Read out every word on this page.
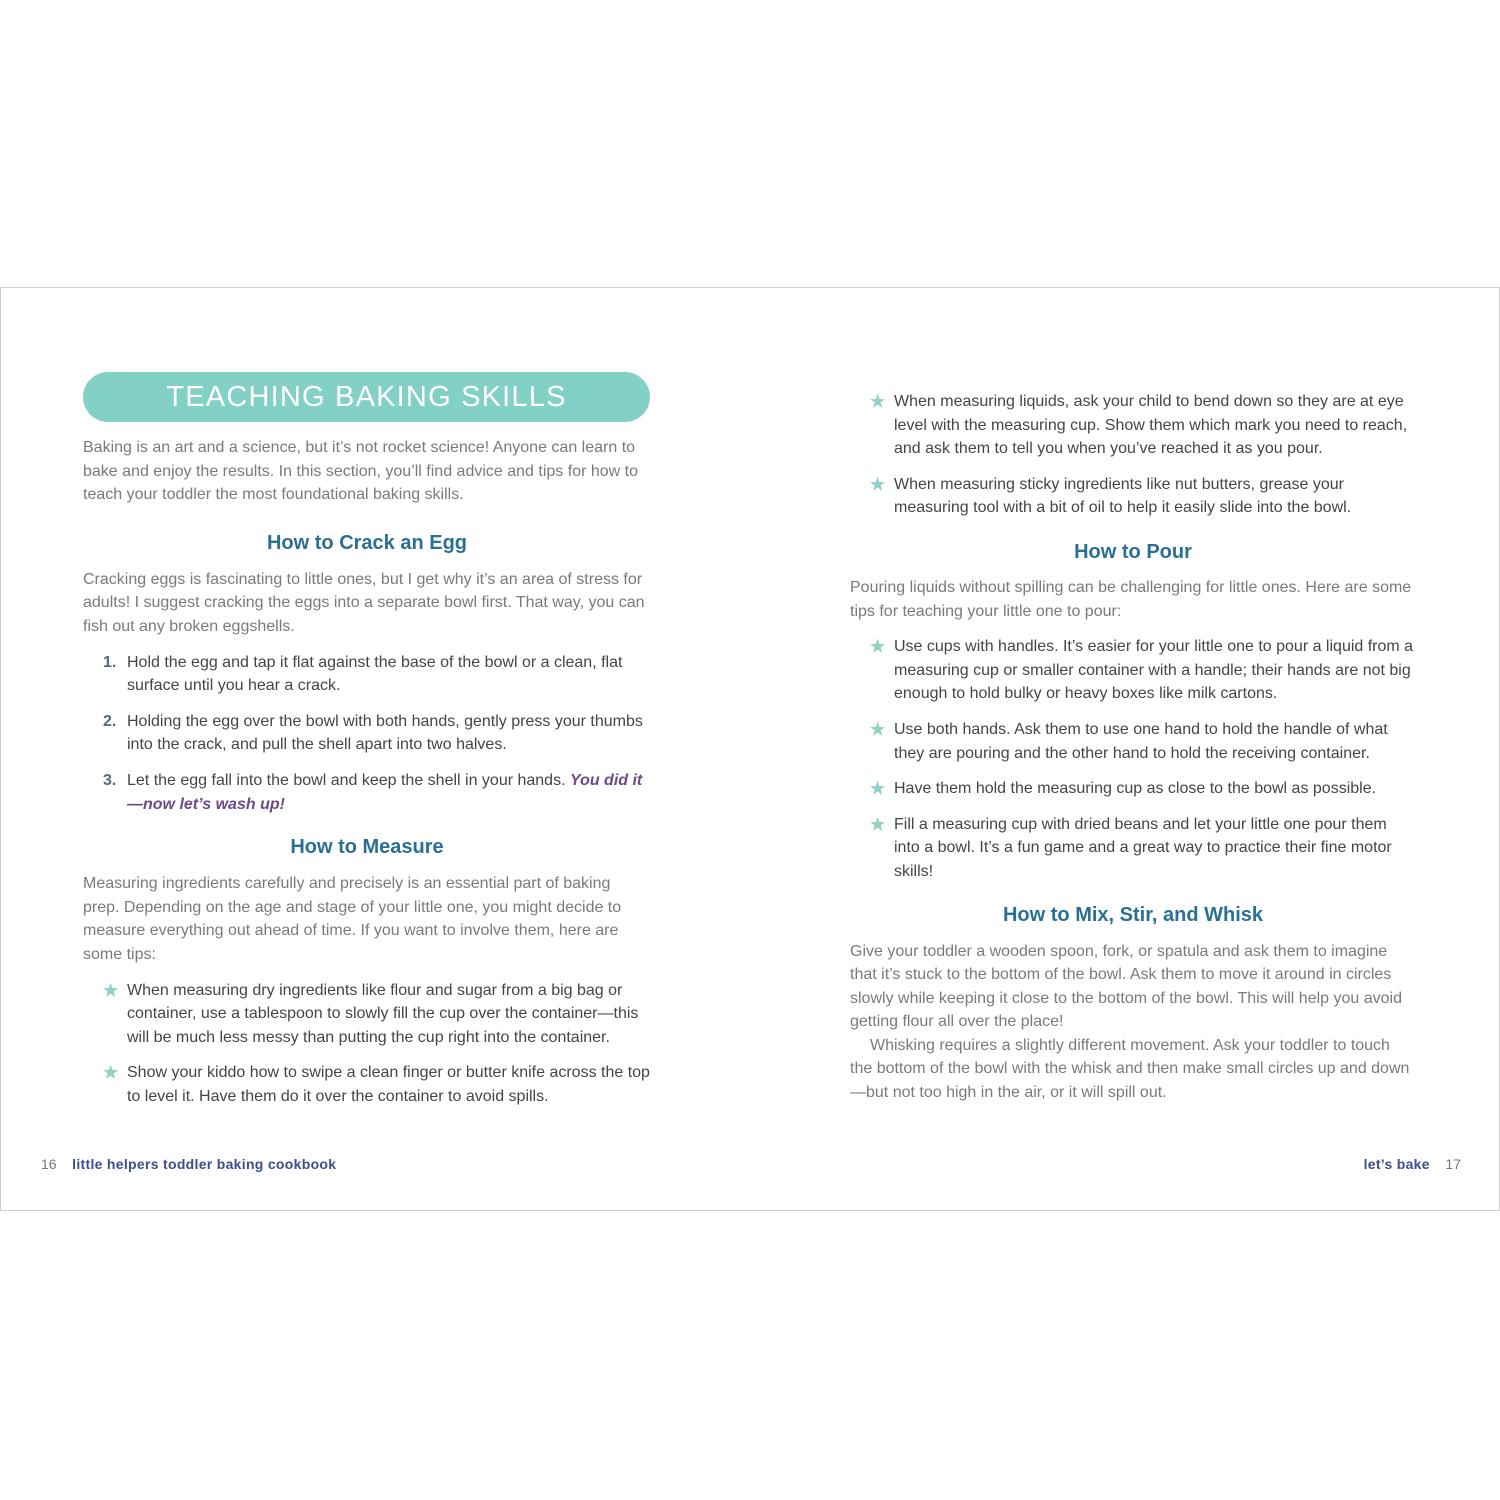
TEACHING BAKING SKILLS

Baking is an art and a science, but it’s not rocket science! Anyone can learn to bake and enjoy the results. In this section, you’ll find advice and tips for how to teach your toddler the most foundational baking skills.

How to Crack an Egg

Cracking eggs is fascinating to little ones, but I get why it’s an area of stress for adults! I suggest cracking the eggs into a separate bowl first. That way, you can fish out any broken eggshells.

1. Hold the egg and tap it flat against the base of the bowl or a clean, flat surface until you hear a crack.
2. Holding the egg over the bowl with both hands, gently press your thumbs into the crack, and pull the shell apart into two halves.
3. Let the egg fall into the bowl and keep the shell in your hands. You did it—now let’s wash up!
How to Measure

Measuring ingredients carefully and precisely is an essential part of baking prep. Depending on the age and stage of your little one, you might decide to measure everything out ahead of time. If you want to involve them, here are some tips:

★ When measuring dry ingredients like flour and sugar from a big bag or container, use a tablespoon to slowly fill the cup over the container—this will be much less messy than putting the cup right into the container.
★ Show your kiddo how to swipe a clean finger or butter knife across the top to level it. Have them do it over the container to avoid spills.
★ When measuring liquids, ask your child to bend down so they are at eye level with the measuring cup. Show them which mark you need to reach, and ask them to tell you when you’ve reached it as you pour.
★ When measuring sticky ingredients like nut butters, grease your measuring tool with a bit of oil to help it easily slide into the bowl.
How to Pour

Pouring liquids without spilling can be challenging for little ones. Here are some tips for teaching your little one to pour:

★ Use cups with handles. It’s easier for your little one to pour a liquid from a measuring cup or smaller container with a handle; their hands are not big enough to hold bulky or heavy boxes like milk cartons.
★ Use both hands. Ask them to use one hand to hold the handle of what they are pouring and the other hand to hold the receiving container.
★ Have them hold the measuring cup as close to the bowl as possible.
★ Fill a measuring cup with dried beans and let your little one pour them into a bowl. It’s a fun game and a great way to practice their fine motor skills!
How to Mix, Stir, and Whisk

Give your toddler a wooden spoon, fork, or spatula and ask them to imagine that it’s stuck to the bottom of the bowl. Ask them to move it around in circles slowly while keeping it close to the bottom of the bowl. This will help you avoid getting flour all over the place!

Whisking requires a slightly different movement. Ask your toddler to touch the bottom of the bowl with the whisk and then make small circles up and down—but not too high in the air, or it will spill out.

16 little helpers toddler baking cookbook	let’s bake 17
